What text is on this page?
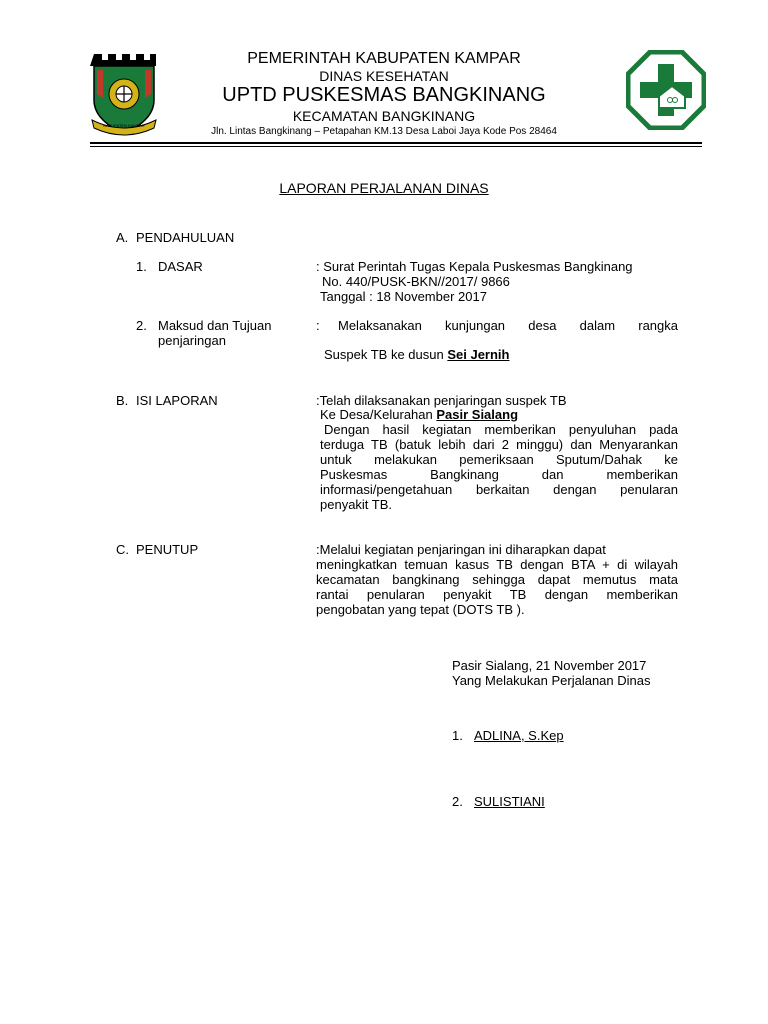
KABUPATEN KAMPAR
PEMERINTAH KABUPATEN KAMPAR
DINAS KESEHATAN
UPTD PUSKESMAS BANGKINANG
KECAMATAN BANGKINANG
Jln. Lintas Bangkinang – Petapahan KM.13 Desa Laboi Jaya Kode Pos 28464
LAPORAN PERJALANAN DINAS
A. PENDAHULUAN
1. DASAR	: Surat Perintah Tugas Kepala Puskesmas Bangkinang
No. 440/PUSK-BKN//2017/ 9866
Tanggal : 18 November 2017
2. Maksud dan Tujuan
penjaringan
: Melaksanakan kunjungan desa dalam rangka
Suspek TB ke dusun Sei Jernih
B. ISI LAPORAN	:Telah dilaksanakan penjaringan suspek TB
Ke Desa/Kelurahan Pasir Sialang
Dengan hasil kegiatan memberikan penyuluhan pada
terduga TB (batuk lebih dari 2 minggu) dan Menyarankan
untuk melakukan pemeriksaan Sputum/Dahak ke
Puskesmas Bangkinang dan memberikan
informasi/pengetahuan berkaitan dengan penularan
penyakit TB.
C. PENUTUP	:Melalui kegiatan penjaringan ini diharapkan dapat
meningkatkan temuan kasus TB dengan BTA + di wilayah
kecamatan bangkinang sehingga dapat memutus mata
rantai penularan penyakit TB dengan memberikan
pengobatan yang tepat (DOTS TB ).
Pasir Sialang, 21 November 2017
Yang Melakukan Perjalanan Dinas
1. ADLINA, S.Kep
2. SULISTIANI
